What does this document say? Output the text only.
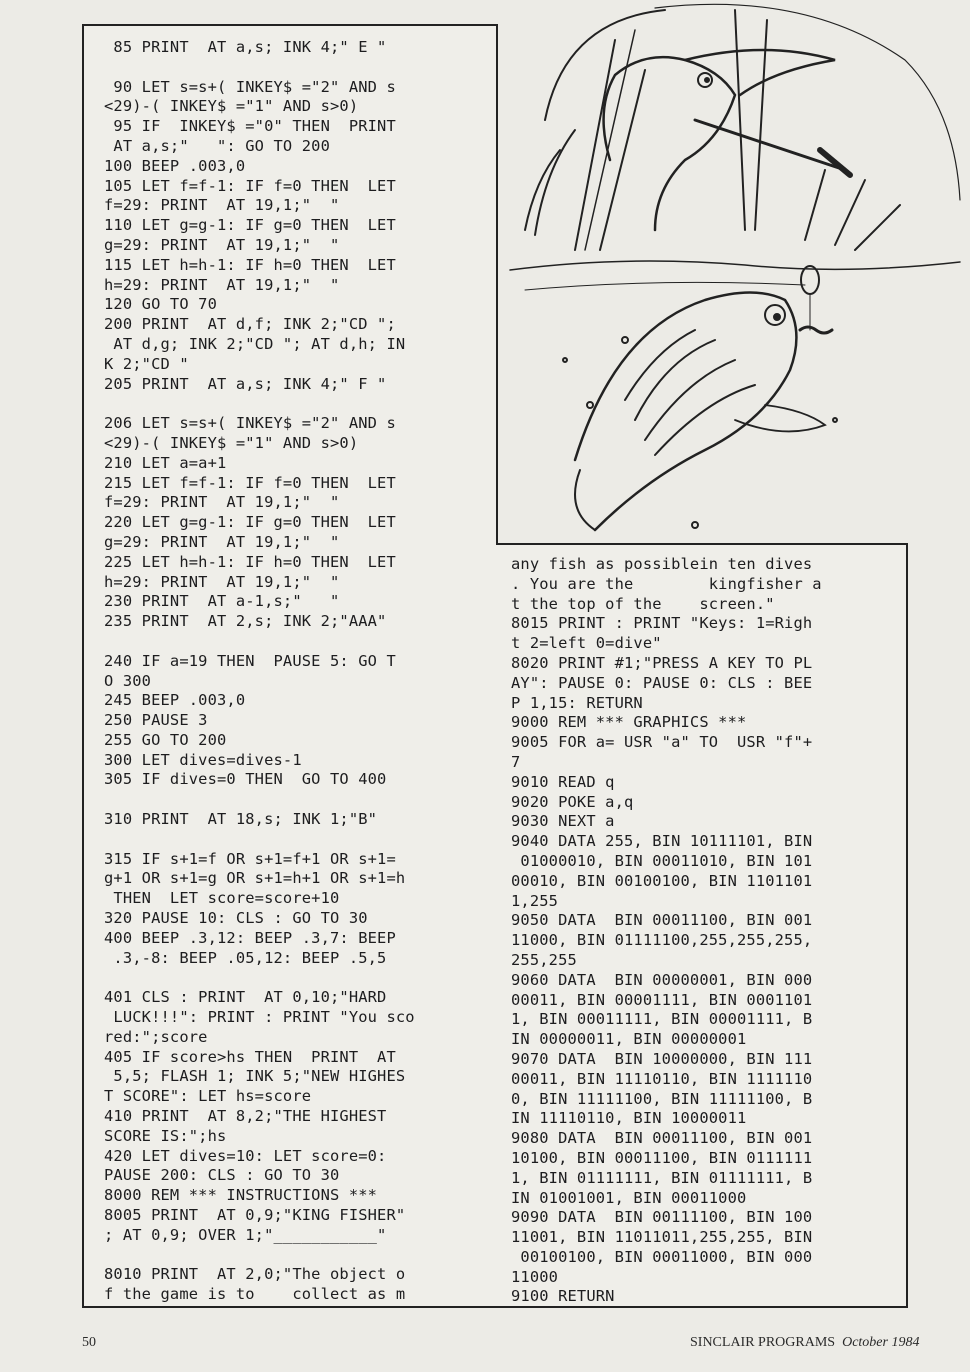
85 PRINT  AT a,s; INK 4;" E "
90 LET s=s+( INKEY$ ="2" AND s
<29)-( INKEY$ ="1" AND s>0)
95 IF  INKEY$ ="0" THEN  PRINT
AT a,s;"   ": GO TO 200
100 BEEP .003,0
105 LET f=f-1: IF f=0 THEN  LET
f=29: PRINT  AT 19,1;"  "
110 LET g=g-1: IF g=0 THEN  LET
g=29: PRINT  AT 19,1;"  "
115 LET h=h-1: IF h=0 THEN  LET
h=29: PRINT  AT 19,1;"  "
120 GO TO 70
200 PRINT  AT d,f; INK 2;"CD ";
AT d,g; INK 2;"CD "; AT d,h; IN
K 2;"CD "
205 PRINT  AT a,s; INK 4;" F "
206 LET s=s+( INKEY$ ="2" AND s
<29)-( INKEY$ ="1" AND s>0)
210 LET a=a+1
215 LET f=f-1: IF f=0 THEN  LET
f=29: PRINT  AT 19,1;"  "
220 LET g=g-1: IF g=0 THEN  LET
g=29: PRINT  AT 19,1;"  "
225 LET h=h-1: IF h=0 THEN  LET
h=29: PRINT  AT 19,1;"  "
230 PRINT  AT a-1,s;"   "
235 PRINT  AT 2,s; INK 2;"AAA"
240 IF a=19 THEN  PAUSE 5: GO T
O 300
245 BEEP .003,0
250 PAUSE 3
255 GO TO 200
300 LET dives=dives-1
305 IF dives=0 THEN  GO TO 400
310 PRINT  AT 18,s; INK 1;"B"
315 IF s+1=f OR s+1=f+1 OR s+1=
g+1 OR s+1=g OR s+1=h+1 OR s+1=h
THEN  LET score=score+10
320 PAUSE 10: CLS : GO TO 30
400 BEEP .3,12: BEEP .3,7: BEEP
.3,-8: BEEP .05,12: BEEP .5,5
401 CLS : PRINT  AT 0,10;"HARD
LUCK!!!": PRINT : PRINT "You sco
red:";score
405 IF score>hs THEN  PRINT  AT
5,5; FLASH 1; INK 5;"NEW HIGHES
T SCORE": LET hs=score
410 PRINT  AT 8,2;"THE HIGHEST
SCORE IS:";hs
420 LET dives=10: LET score=0:
PAUSE 200: CLS : GO TO 30
8000 REM *** INSTRUCTIONS ***
8005 PRINT  AT 0,9;"KING FISHER"
; AT 0,9; OVER 1;"___________"
8010 PRINT  AT 2,0;"The object o
f the game is to    collect as m
any fish as possiblein ten dives
. You are the        kingfisher a
t the top of the    screen."
8015 PRINT : PRINT "Keys: 1=Righ
t 2=left 0=dive"
8020 PRINT #1;"PRESS A KEY TO PL
AY": PAUSE 0: PAUSE 0: CLS : BEE
P 1,15: RETURN
9000 REM *** GRAPHICS ***
9005 FOR a= USR "a" TO  USR "f"+
7
9010 READ q
9020 POKE a,q
9030 NEXT a
9040 DATA 255, BIN 10111101, BIN
01000010, BIN 00011010, BIN 101
00010, BIN 00100100, BIN 1101101
1,255
9050 DATA  BIN 00011100, BIN 001
11000, BIN 01111100,255,255,255,
255,255
9060 DATA  BIN 00000001, BIN 000
00011, BIN 00001111, BIN 0001101
1, BIN 00011111, BIN 00001111, B
IN 00000011, BIN 00000001
9070 DATA  BIN 10000000, BIN 111
00011, BIN 11110110, BIN 1111110
0, BIN 11111100, BIN 11111100, B
IN 11110110, BIN 10000011
9080 DATA  BIN 00011100, BIN 001
10100, BIN 00011100, BIN 0111111
1, BIN 01111111, BIN 01111111, B
IN 01001001, BIN 00011000
9090 DATA  BIN 00111100, BIN 100
11001, BIN 11011011,255,255, BIN
00100100, BIN 00011000, BIN 000
11000
9100 RETURN
50	SINCLAIR PROGRAMS October 1984
